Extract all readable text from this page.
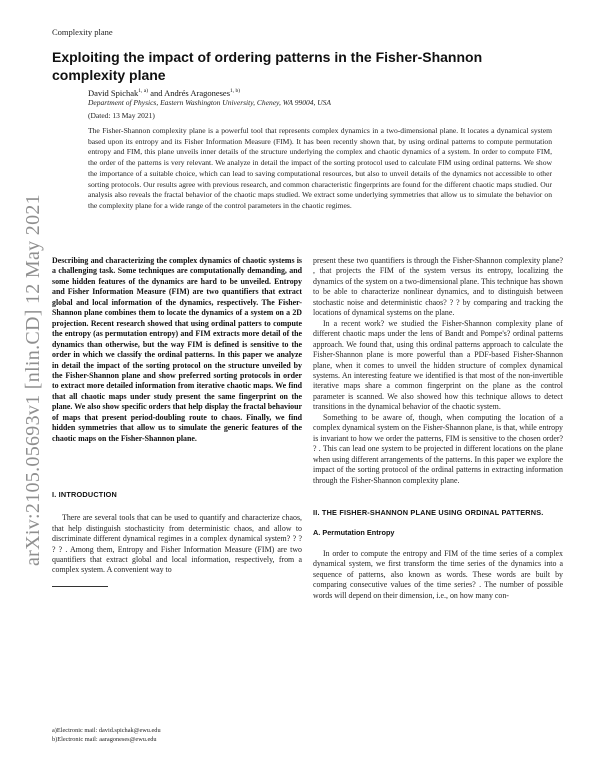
Complexity plane
Exploiting the impact of ordering patterns in the Fisher-Shannon complexity plane
David Spichak$^{1, a)}$ and Andrés Aragoneses$^{1, b)}$
Department of Physics, Eastern Washington University, Cheney, WA 99004, USA
(Dated: 13 May 2021)

The Fisher-Shannon complexity plane is a powerful tool that represents complex dynamics in a two-dimensional plane. It locates a dynamical system based upon its entropy and its Fisher Information Measure (FIM). It has been recently shown that, by using ordinal patterns to compute permutation entropy and FIM, this plane unveils inner details of the structure underlying the complex and chaotic dynamics of a system. In order to compute FIM, the order of the patterns is very relevant. We analyze in detail the impact of the sorting protocol used to calculate FIM using ordinal patterns. We show the importance of a suitable choice, which can lead to saving computational resources, but also to unveil details of the dynamics not accessible to other sorting protocols. Our results agree with previous research, and common characteristic fingerprints are found for the different chaotic maps studied. Our analysis also reveals the fractal behavior of the chaotic maps studied. We extract some underlying symmetries that allow us to simulate the behavior on the complexity plane for a wide range of the control parameters in the chaotic regimes.

arXiv:2105.05693v1 [nlin.CD] 12 May 2021 Describing and characterizing the complex dynamics of chaotic systems is a challenging task. Some techniques are computationally demanding, and some hidden features of the dynamics are hard to be unveiled. Entropy and Fisher Information Measure (FIM) are two quantifiers that extract global and local information of the dynamics, respectively. The Fisher-Shannon plane combines them to locate the dynamics of a system on a 2D projection. Recent research showed that using ordinal patters to compute the entropy (as permutation entropy) and FIM extracts more detail of the dynamics than otherwise, but the way FIM is defined is sensitive to the order in which we classify the ordinal patterns. In this paper we analyze in detail the impact of the sorting protocol on the structure unveiled by the Fisher-Shannon plane and show preferred sorting protocols in order to extract more detailed information from iterative chaotic maps. We find that all chaotic maps under study present the same fingerprint on the plane. We also show specific orders that help display the fractal behaviour of maps that present period-doubling route to chaos. Finally, we find hidden symmetries that allow us to simulate the generic features of the chaotic maps on the Fisher-Shannon plane.

I. INTRODUCTION

There are several tools that can be used to quantify and characterize chaos, that help distinguish stochasticity from deterministic chaos, and allow to discriminate different dynamical regimes in a complex dynamical system? ? ? ? ? . Among them, Entropy and Fisher Information Measure (FIM) are two quantifiers that extract global and local information, respectively, from a complex system. A convenient way to

present these two quantifiers is through the Fisher-Shannon complexity plane? , that projects the FIM of the system versus its entropy, localizing the dynamics of the system on a two-dimensional plane. This technique has shown to be able to characterize nonlinear dynamics, and to distinguish between stochastic noise and deterministic chaos? ? ? by comparing and tracking the locations of dynamical systems on the plane.

In a recent work? we studied the Fisher-Shannon complexity plane of different chaotic maps under the lens of Bandt and Pompe's? ordinal patterns approach. We found that, using this ordinal patterns approach to calculate the Fisher-Shannon plane is more powerful than a PDF-based Fisher-Shannon plane, when it comes to unveil the hidden structure of complex dynamical systems. An interesting feature we identified is that most of the non-invertible iterative maps share a common fingerprint on the plane as the control parameter is scanned. We also showed how this technique allows to detect transitions in the dynamical behavior of the chaotic system.

Something to be aware of, though, when computing the location of a complex dynamical system on the Fisher-Shannon plane, is that, while entropy is invariant to how we order the patterns, FIM is sensitive to the chosen order? ? . This can lead one system to be projected in different locations on the plane when using different arrangements of the patterns. In this paper we explore the impact of the sorting protocol of the ordinal patterns in extracting information through the Fisher-Shannon complexity plane.

II. THE FISHER-SHANNON PLANE USING ORDINAL PATTERNS.
A. Permutation Entropy

In order to compute the entropy and FIM of the time series of a complex dynamical system, we first transform the time series of the dynamics into a sequence of patterns, also known as words. These words are built by comparing consecutive values of the time series? . The number of possible words will depend on their dimension, i.e., on how many con-

a)Electronic mail: david.spichak@ewu.edu

b)Electronic mail: aaragoneses@ewu.edu
